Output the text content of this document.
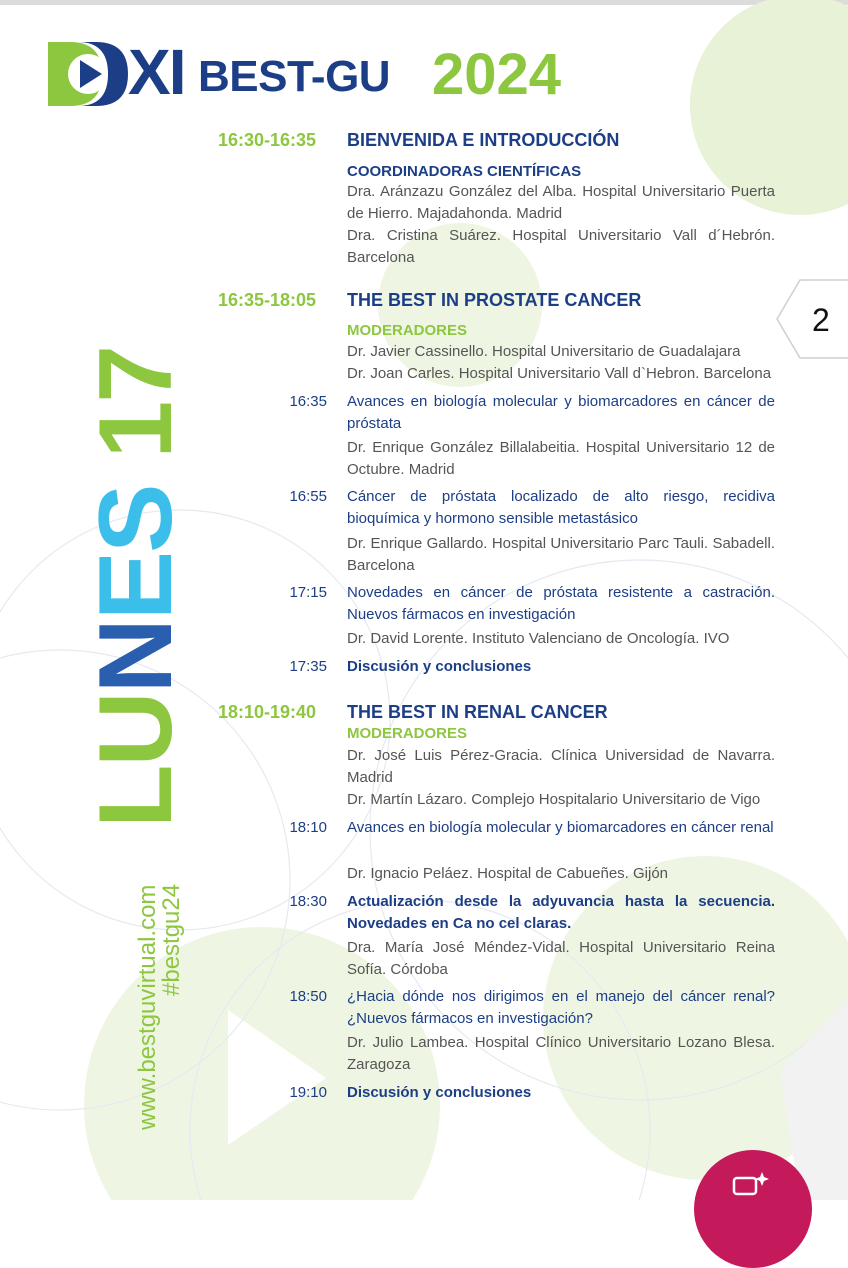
XI BEST-GU 2024
2
LUNES 17
www.bestguvirtual.com
#bestgu24
16:30-16:35	BIENVENIDA E INTRODUCCIÓN
COORDINADORAS CIENTÍFICAS
Dra. Aránzazu González del Alba. Hospital Universitario Puerta de Hierro. Majadahonda. Madrid
Dra. Cristina Suárez. Hospital Universitario Vall d´Hebrón. Barcelona
16:35-18:05	THE BEST IN PROSTATE CANCER
MODERADORES
Dr. Javier Cassinello. Hospital Universitario de Guadalajara
Dr. Joan Carles. Hospital Universitario Vall d`Hebron. Barcelona
16:35 Avances en biología molecular y biomarcadores en cáncer de próstata
Dr. Enrique González Billalabeitia. Hospital Universitario 12 de Octubre. Madrid
16:55 Cáncer de próstata localizado de alto riesgo, recidiva bioquímica y hormono sensible metastásico
Dr. Enrique Gallardo. Hospital Universitario Parc Tauli. Sabadell. Barcelona
17:15 Novedades en cáncer de próstata resistente a castración. Nuevos fármacos en investigación
Dr. David Lorente. Instituto Valenciano de Oncología. IVO
17:35 Discusión y conclusiones
18:10-19:40	THE BEST IN RENAL CANCER
MODERADORES
Dr. José Luis Pérez-Gracia. Clínica Universidad de Navarra. Madrid
Dr. Martín Lázaro. Complejo Hospitalario Universitario de Vigo
18:10 Avances en biología molecular y biomarcadores en cáncer renal
Dr. Ignacio Peláez. Hospital de Cabueñes. Gijón
18:30 Actualización desde la adyuvancia hasta la secuencia. Novedades en Ca no cel claras.
Dra. María José Méndez-Vidal. Hospital Universitario Reina Sofía. Córdoba
18:50 ¿Hacia dónde nos dirigimos en el manejo del cáncer renal? ¿Nuevos fármacos en investigación?
Dr. Julio Lambea. Hospital Clínico Universitario Lozano Blesa. Zaragoza
19:10 Discusión y conclusiones
